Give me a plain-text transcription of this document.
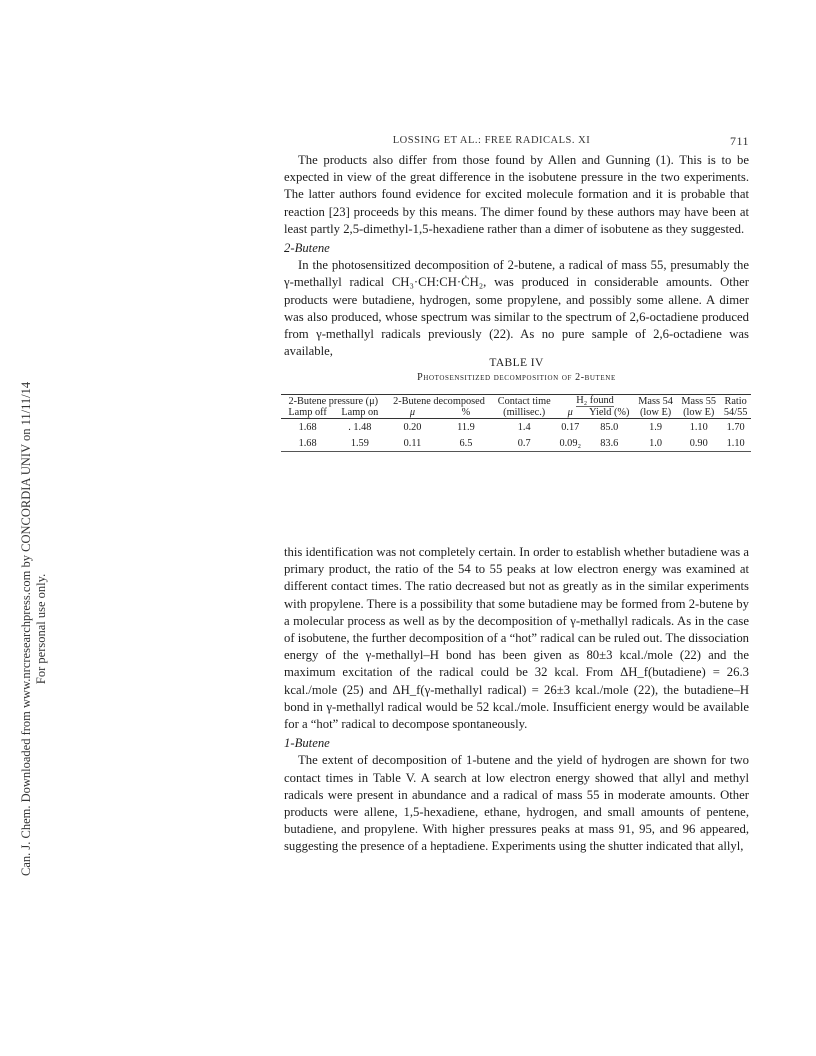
Can. J. Chem. Downloaded from www.nrcresearchpress.com by CONCORDIA UNIV on 11/11/14 For personal use only.
LOSSING ET AL.: FREE RADICALS. XI	711

The products also differ from those found by Allen and Gunning (1). This is to be expected in view of the great difference in the isobutene pressure in the two experiments. The latter authors found evidence for excited molecule formation and it is probable that reaction [23] proceeds by this means. The dimer found by these authors may have been at least partly 2,5-dimethyl-1,5-hexadiene rather than a dimer of isobutene as they suggested.

2-Butene

In the photosensitized decomposition of 2-butene, a radical of mass 55, presumably the γ-methallyl radical CH₃·CH:CH·ĊH₂, was produced in considerable amounts. Other products were butadiene, hydrogen, some propylene, and possibly some allene. A dimer was also produced, whose spectrum was similar to the spectrum of 2,6-octadiene produced from γ-methallyl radicals previously (22). As no pure sample of 2,6-octadiene was available,

TABLE IV
Photosensitized decomposition of 2-butene
2-Butene pressure (μ)		2-Butene decomposed		Contact time	H₂ found		Mass 54	Mass 55	Ratio
Lamp off	Lamp on	μ	%	(millisec.)	μ	Yield (%)	(low E)	(low E)	54/55
1.68	. 1.48	0.20	11.9	1.4	0.17	85.0	1.9	1.10	1.70
1.68	1.59	0.11	6.5	0.7	0.09₂	83.6	1.0	0.90	1.10

this identification was not completely certain. In order to establish whether butadiene was a primary product, the ratio of the 54 to 55 peaks at low electron energy was examined at different contact times. The ratio decreased but not as greatly as in the similar experiments with propylene. There is a possibility that some butadiene may be formed from 2-butene by a molecular process as well as by the decomposition of γ-methallyl radicals. As in the case of isobutene, the further decomposition of a “hot” radical can be ruled out. The dissociation energy of the γ-methallyl–H bond has been given as 80±3 kcal./mole (22) and the maximum excitation of the radical could be 32 kcal. From ΔH_f(butadiene) = 26.3 kcal./mole (25) and ΔH_f(γ-methallyl radical) = 26±3 kcal./mole (22), the butadiene–H bond in γ-methallyl radical would be 52 kcal./mole. Insufficient energy would be available for a “hot” radical to decompose spontaneously.

1-Butene

The extent of decomposition of 1-butene and the yield of hydrogen are shown for two contact times in Table V. A search at low electron energy showed that allyl and methyl radicals were present in abundance and a radical of mass 55 in moderate amounts. Other products were allene, 1,5-hexadiene, ethane, hydrogen, and small amounts of pentene, butadiene, and propylene. With higher pressures peaks at mass 91, 95, and 96 appeared, suggesting the presence of a heptadiene. Experiments using the shutter indicated that allyl,
